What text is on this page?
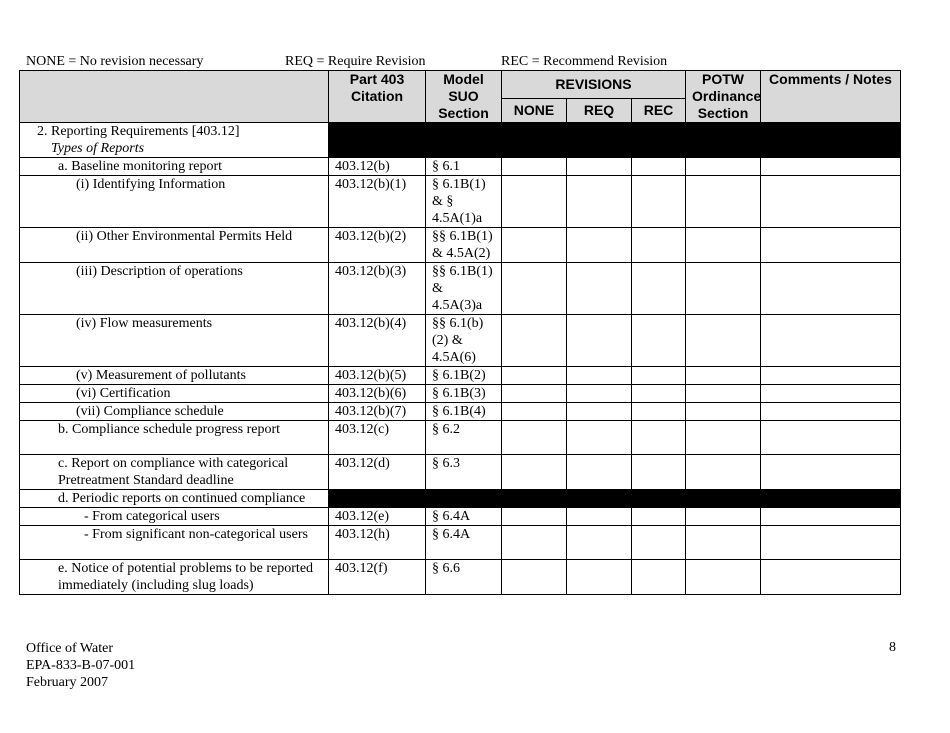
NONE = No revision necessary	REQ = Require Revision	REC = Recommend Revision
	Part 403 Citation	Model SUO Section	REVISIONS			POTW Ordinance Section	Comments / Notes
			NONE	REQ	REC		

2. Reporting Requirements [403.12]
Types of Reports							

a. Baseline monitoring report	403.12(b)	§ 6.1					
(i) Identifying Information	403.12(b)(1)	§ 6.1B(1) & § 4.5A(1)a					
(ii) Other Environmental Permits Held	403.12(b)(2)	§§ 6.1B(1) & 4.5A(2)					
(iii) Description of operations	403.12(b)(3)	§§ 6.1B(1) & 4.5A(3)a					
(iv) Flow measurements	403.12(b)(4)	§§ 6.1(b)(2) & 4.5A(6)					
(v) Measurement of pollutants	403.12(b)(5)	§ 6.1B(2)					
(vi) Certification	403.12(b)(6)	§ 6.1B(3)					
(vii) Compliance schedule	403.12(b)(7)	§ 6.1B(4)					
b. Compliance schedule progress report	403.12(c)	§ 6.2					

c. Report on compliance with categorical Pretreatment Standard deadline	403.12(d)	§ 6.3					
d. Periodic reports on continued compliance							
- From categorical users	403.12(e)	§ 6.4A					
- From significant non-categorical users	403.12(h)	§ 6.4A					

e. Notice of potential problems to be reported immediately (including slug loads)	403.12(f)	§ 6.6					
Office of Water
EPA-833-B-07-001
February 2007
8
